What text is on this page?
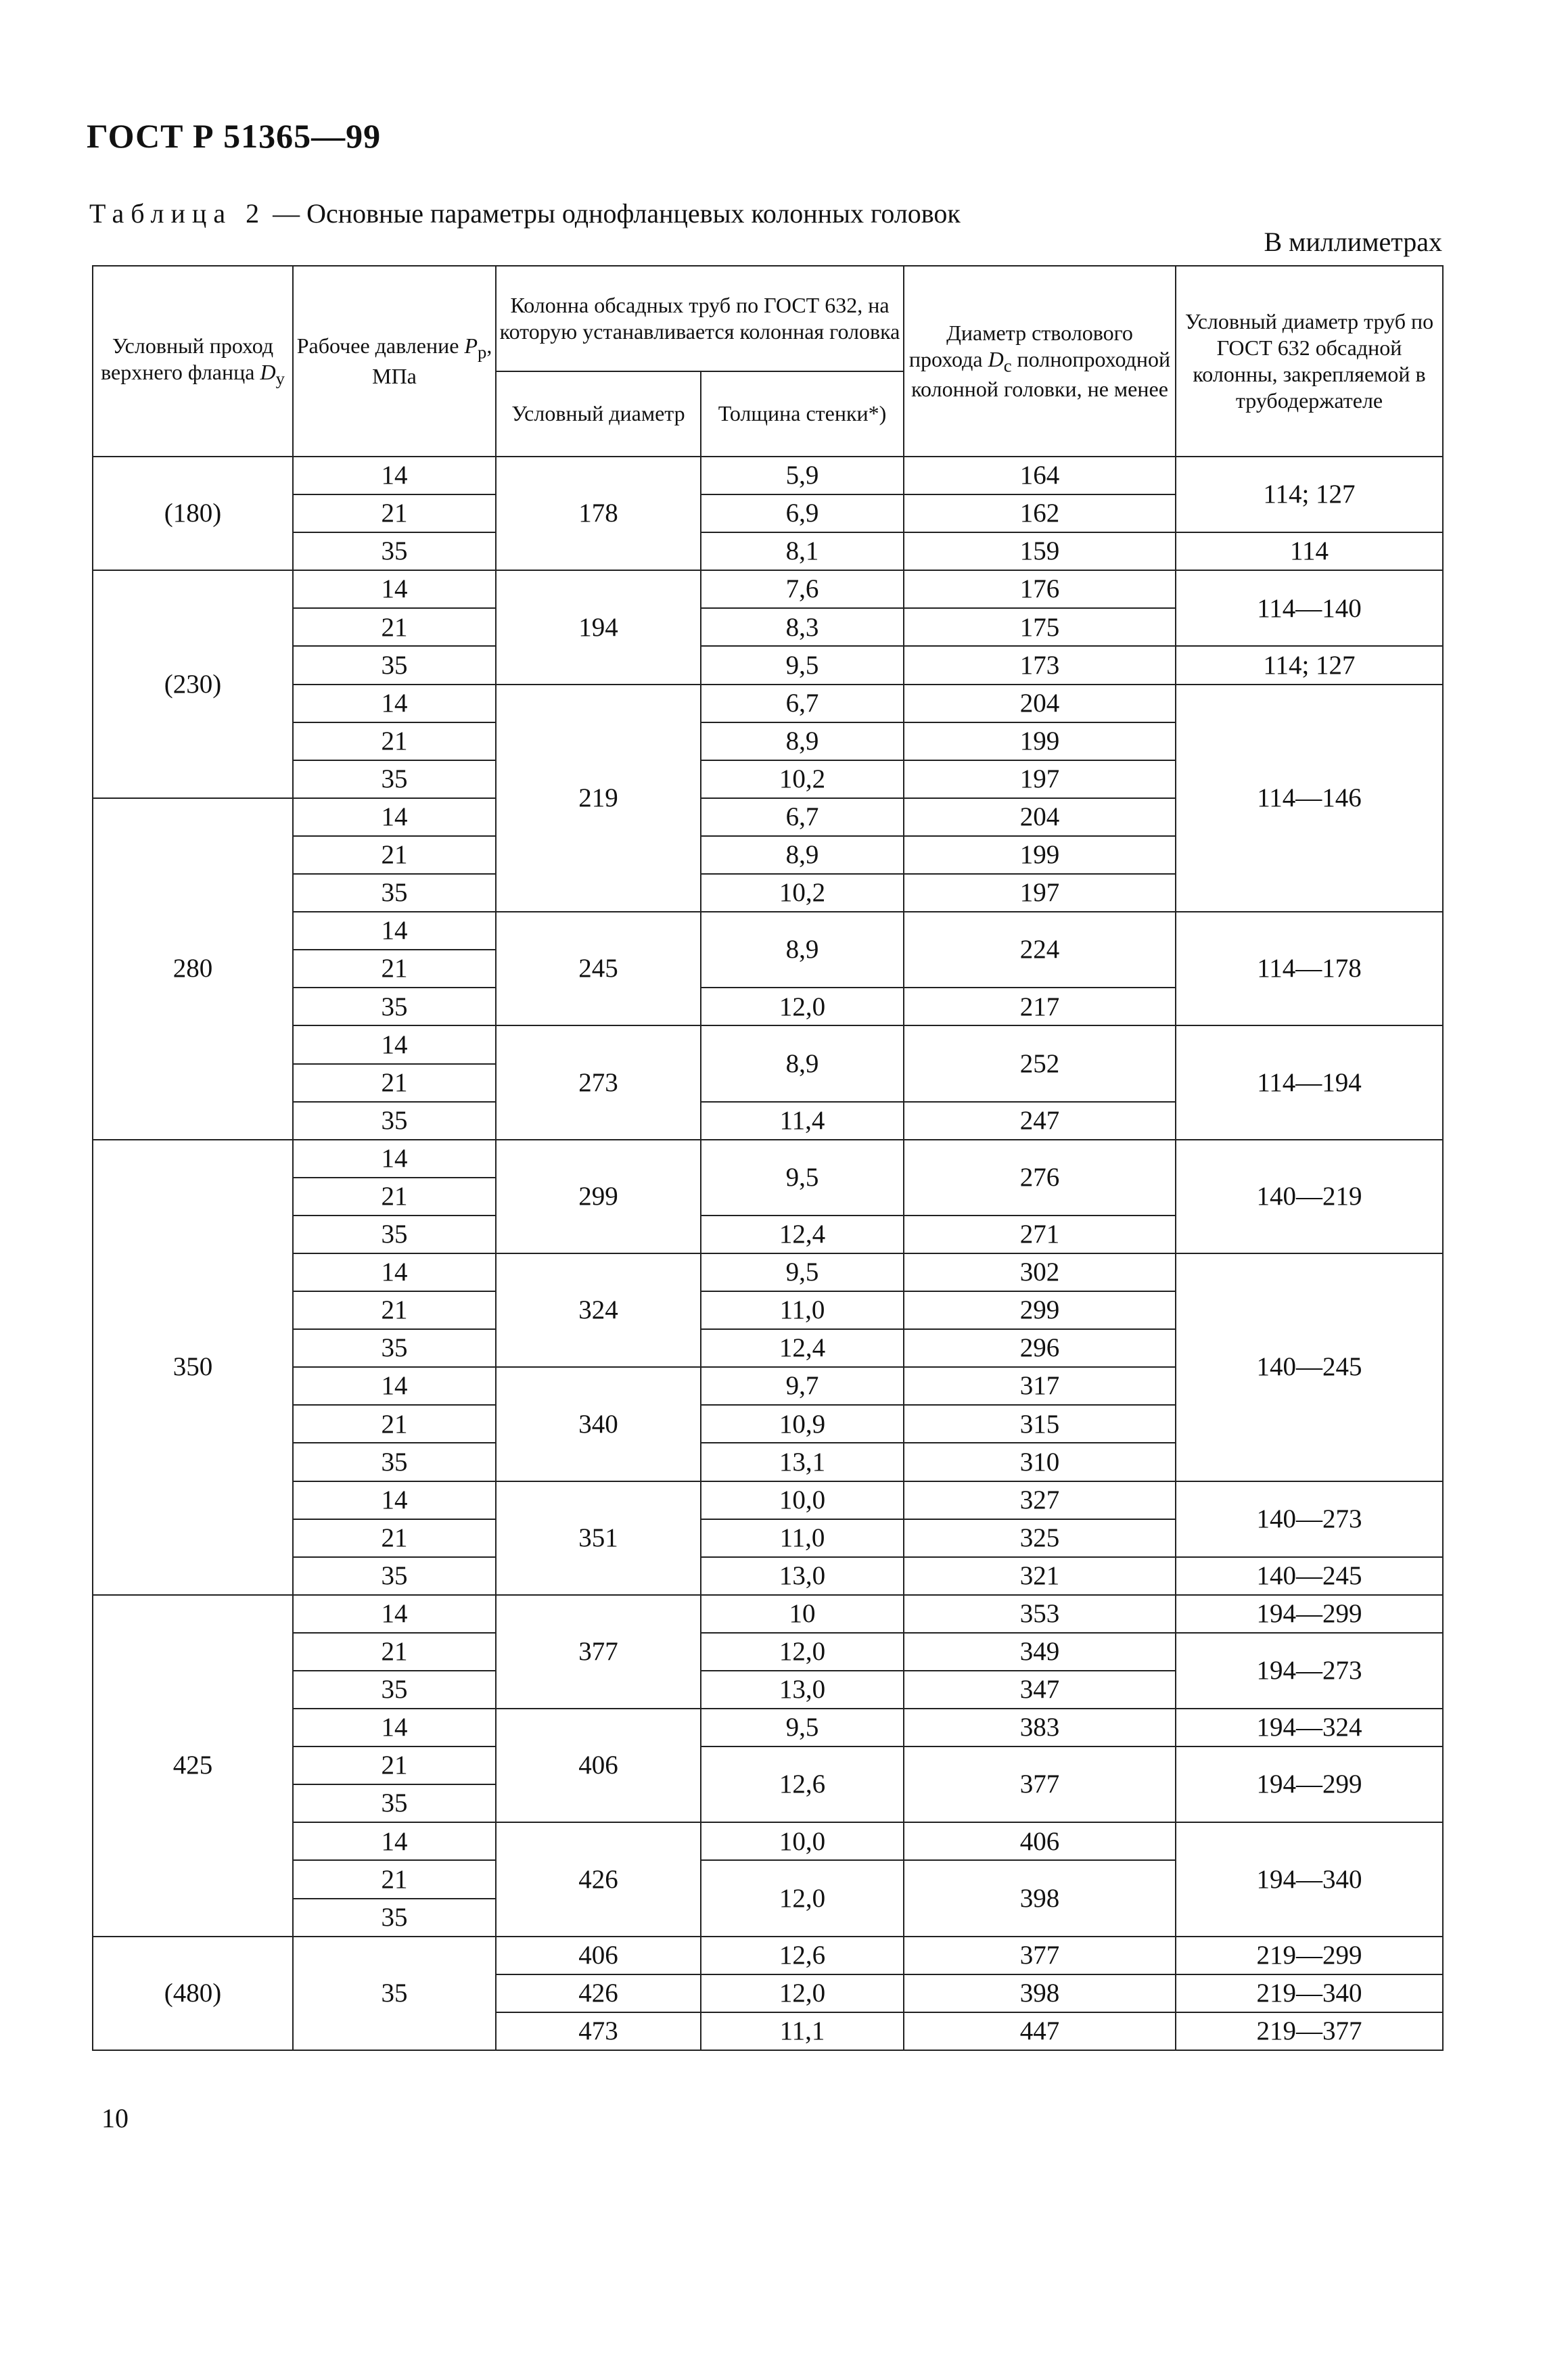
ГОСТ Р 51365—99
Таблица 2 — Основные параметры однофланцевых колонных головок
В миллиметрах
Условный проход верхнего фланца $D_у$	Рабочее давление $P_р$, МПа	Колонна обсадных труб по ГОСТ 632, на которую устанавливается колонная головка		Диаметр стволового прохода $D_с$ полнопроходной колонной головки, не менее	Условный диаметр труб по ГОСТ 632 обсадной колонны, закрепляемой в трубодержателе
		Условный диаметр	Толщина стенки*)		
(180)	14	178	5,9	164	114; 127
	21		6,9	162	
	35		8,1	159	114
(230)	14	194	7,6	176	114—140
	21		8,3	175	
	35		9,5	173	114; 127
	14	219	6,7	204	114—146
	21		8,9	199	
	35		10,2	197	
280	14		6,7	204	
	21		8,9	199	
	35		10,2	197	
	14	245	8,9	224	114—178
	21				
	35		12,0	217	
	14	273	8,9	252	114—194
	21				
	35		11,4	247	
350	14	299	9,5	276	140—219
	21				
	35		12,4	271	
	14	324	9,5	302	140—245
	21		11,0	299	
	35		12,4	296	
	14	340	9,7	317	
	21		10,9	315	
	35		13,1	310	
	14	351	10,0	327	140—273
	21		11,0	325	
	35		13,0	321	140—245
425	14	377	10	353	194—299
	21		12,0	349	194—273
	35		13,0	347	
	14	406	9,5	383	194—324
	21		12,6	377	194—299
	35				
	14	426	10,0	406	194—340
	21		12,0	398	
	35				
(480)	35	406	12,6	377	219—299
		426	12,0	398	219—340
		473	11,1	447	219—377
10
